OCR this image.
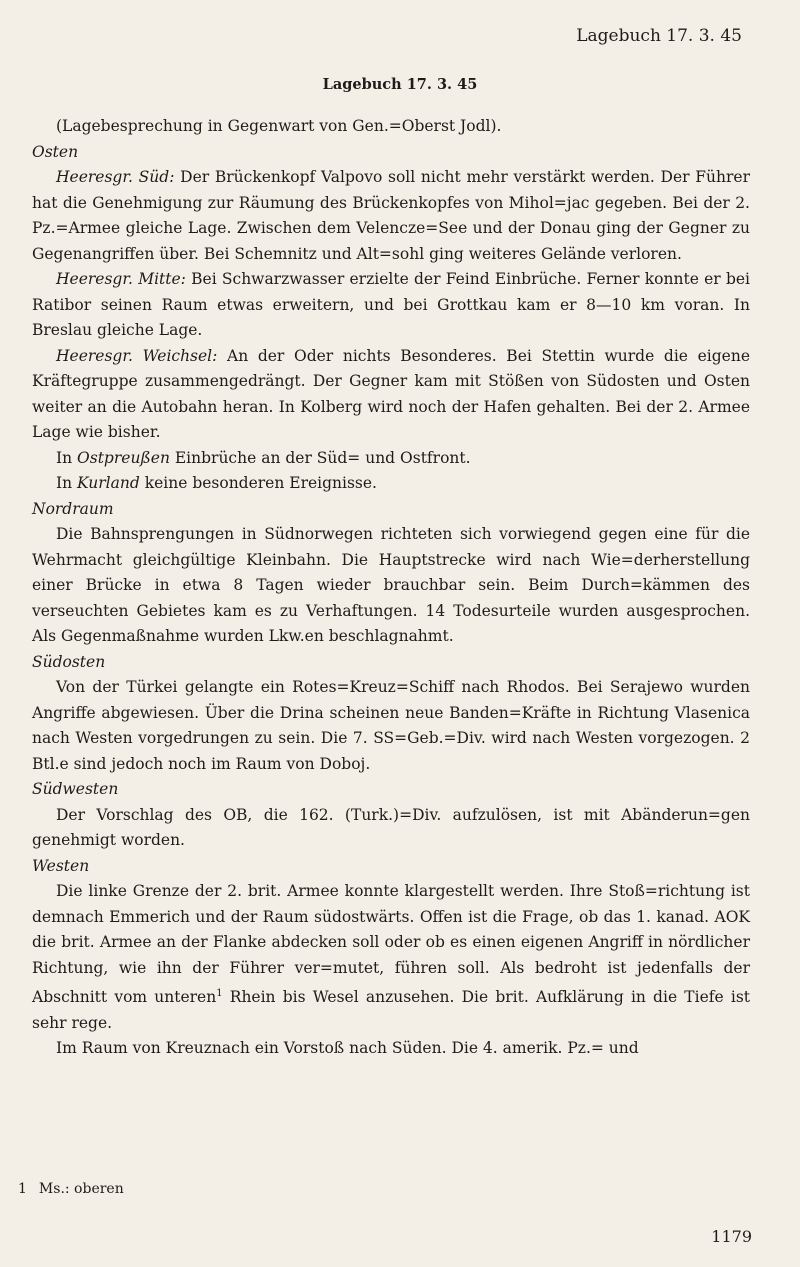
Lagebuch 17. 3. 45
Lagebuch 17. 3. 45

(Lagebesprechung in Gegenwart von Gen.=Oberst Jodl).

Osten

Heeresgr. Süd: Der Brückenkopf Valpovo soll nicht mehr verstärkt werden. Der Führer hat die Genehmigung zur Räumung des Brückenkopfes von Mihol=jac gegeben. Bei der 2. Pz.=Armee gleiche Lage. Zwischen dem Velencze=See und der Donau ging der Gegner zu Gegenangriffen über. Bei Schemnitz und Alt=sohl ging weiteres Gelände verloren.

Heeresgr. Mitte: Bei Schwarzwasser erzielte der Feind Einbrüche. Ferner konnte er bei Ratibor seinen Raum etwas erweitern, und bei Grottkau kam er 8—10 km voran. In Breslau gleiche Lage.

Heeresgr. Weichsel: An der Oder nichts Besonderes. Bei Stettin wurde die eigene Kräftegruppe zusammengedrängt. Der Gegner kam mit Stößen von Südosten und Osten weiter an die Autobahn heran. In Kolberg wird noch der Hafen gehalten. Bei der 2. Armee Lage wie bisher.

In Ostpreußen Einbrüche an der Süd= und Ostfront.

In Kurland keine besonderen Ereignisse.

Nordraum

Die Bahnsprengungen in Südnorwegen richteten sich vorwiegend gegen eine für die Wehrmacht gleichgültige Kleinbahn. Die Hauptstrecke wird nach Wie=derherstellung einer Brücke in etwa 8 Tagen wieder brauchbar sein. Beim Durch=kämmen des verseuchten Gebietes kam es zu Verhaftungen. 14 Todesurteile wurden ausgesprochen. Als Gegenmaßnahme wurden Lkw.en beschlagnahmt.

Südosten

Von der Türkei gelangte ein Rotes=Kreuz=Schiff nach Rhodos. Bei Serajewo wurden Angriffe abgewiesen. Über die Drina scheinen neue Banden=Kräfte in Richtung Vlasenica nach Westen vorgedrungen zu sein. Die 7. SS=Geb.=Div. wird nach Westen vorgezogen. 2 Btl.e sind jedoch noch im Raum von Doboj.

Südwesten

Der Vorschlag des OB, die 162. (Turk.)=Div. aufzulösen, ist mit Abänderun=gen genehmigt worden.

Westen

Die linke Grenze der 2. brit. Armee konnte klargestellt werden. Ihre Stoß=richtung ist demnach Emmerich und der Raum südostwärts. Offen ist die Frage, ob das 1. kanad. AOK die brit. Armee an der Flanke abdecken soll oder ob es einen eigenen Angriff in nördlicher Richtung, wie ihn der Führer ver=mutet, führen soll. Als bedroht ist jedenfalls der Abschnitt vom unteren$^1$ Rhein bis Wesel anzusehen. Die brit. Aufklärung in die Tiefe ist sehr rege.

Im Raum von Kreuznach ein Vorstoß nach Süden. Die 4. amerik. Pz.= und

1 Ms.: oberen
1179
